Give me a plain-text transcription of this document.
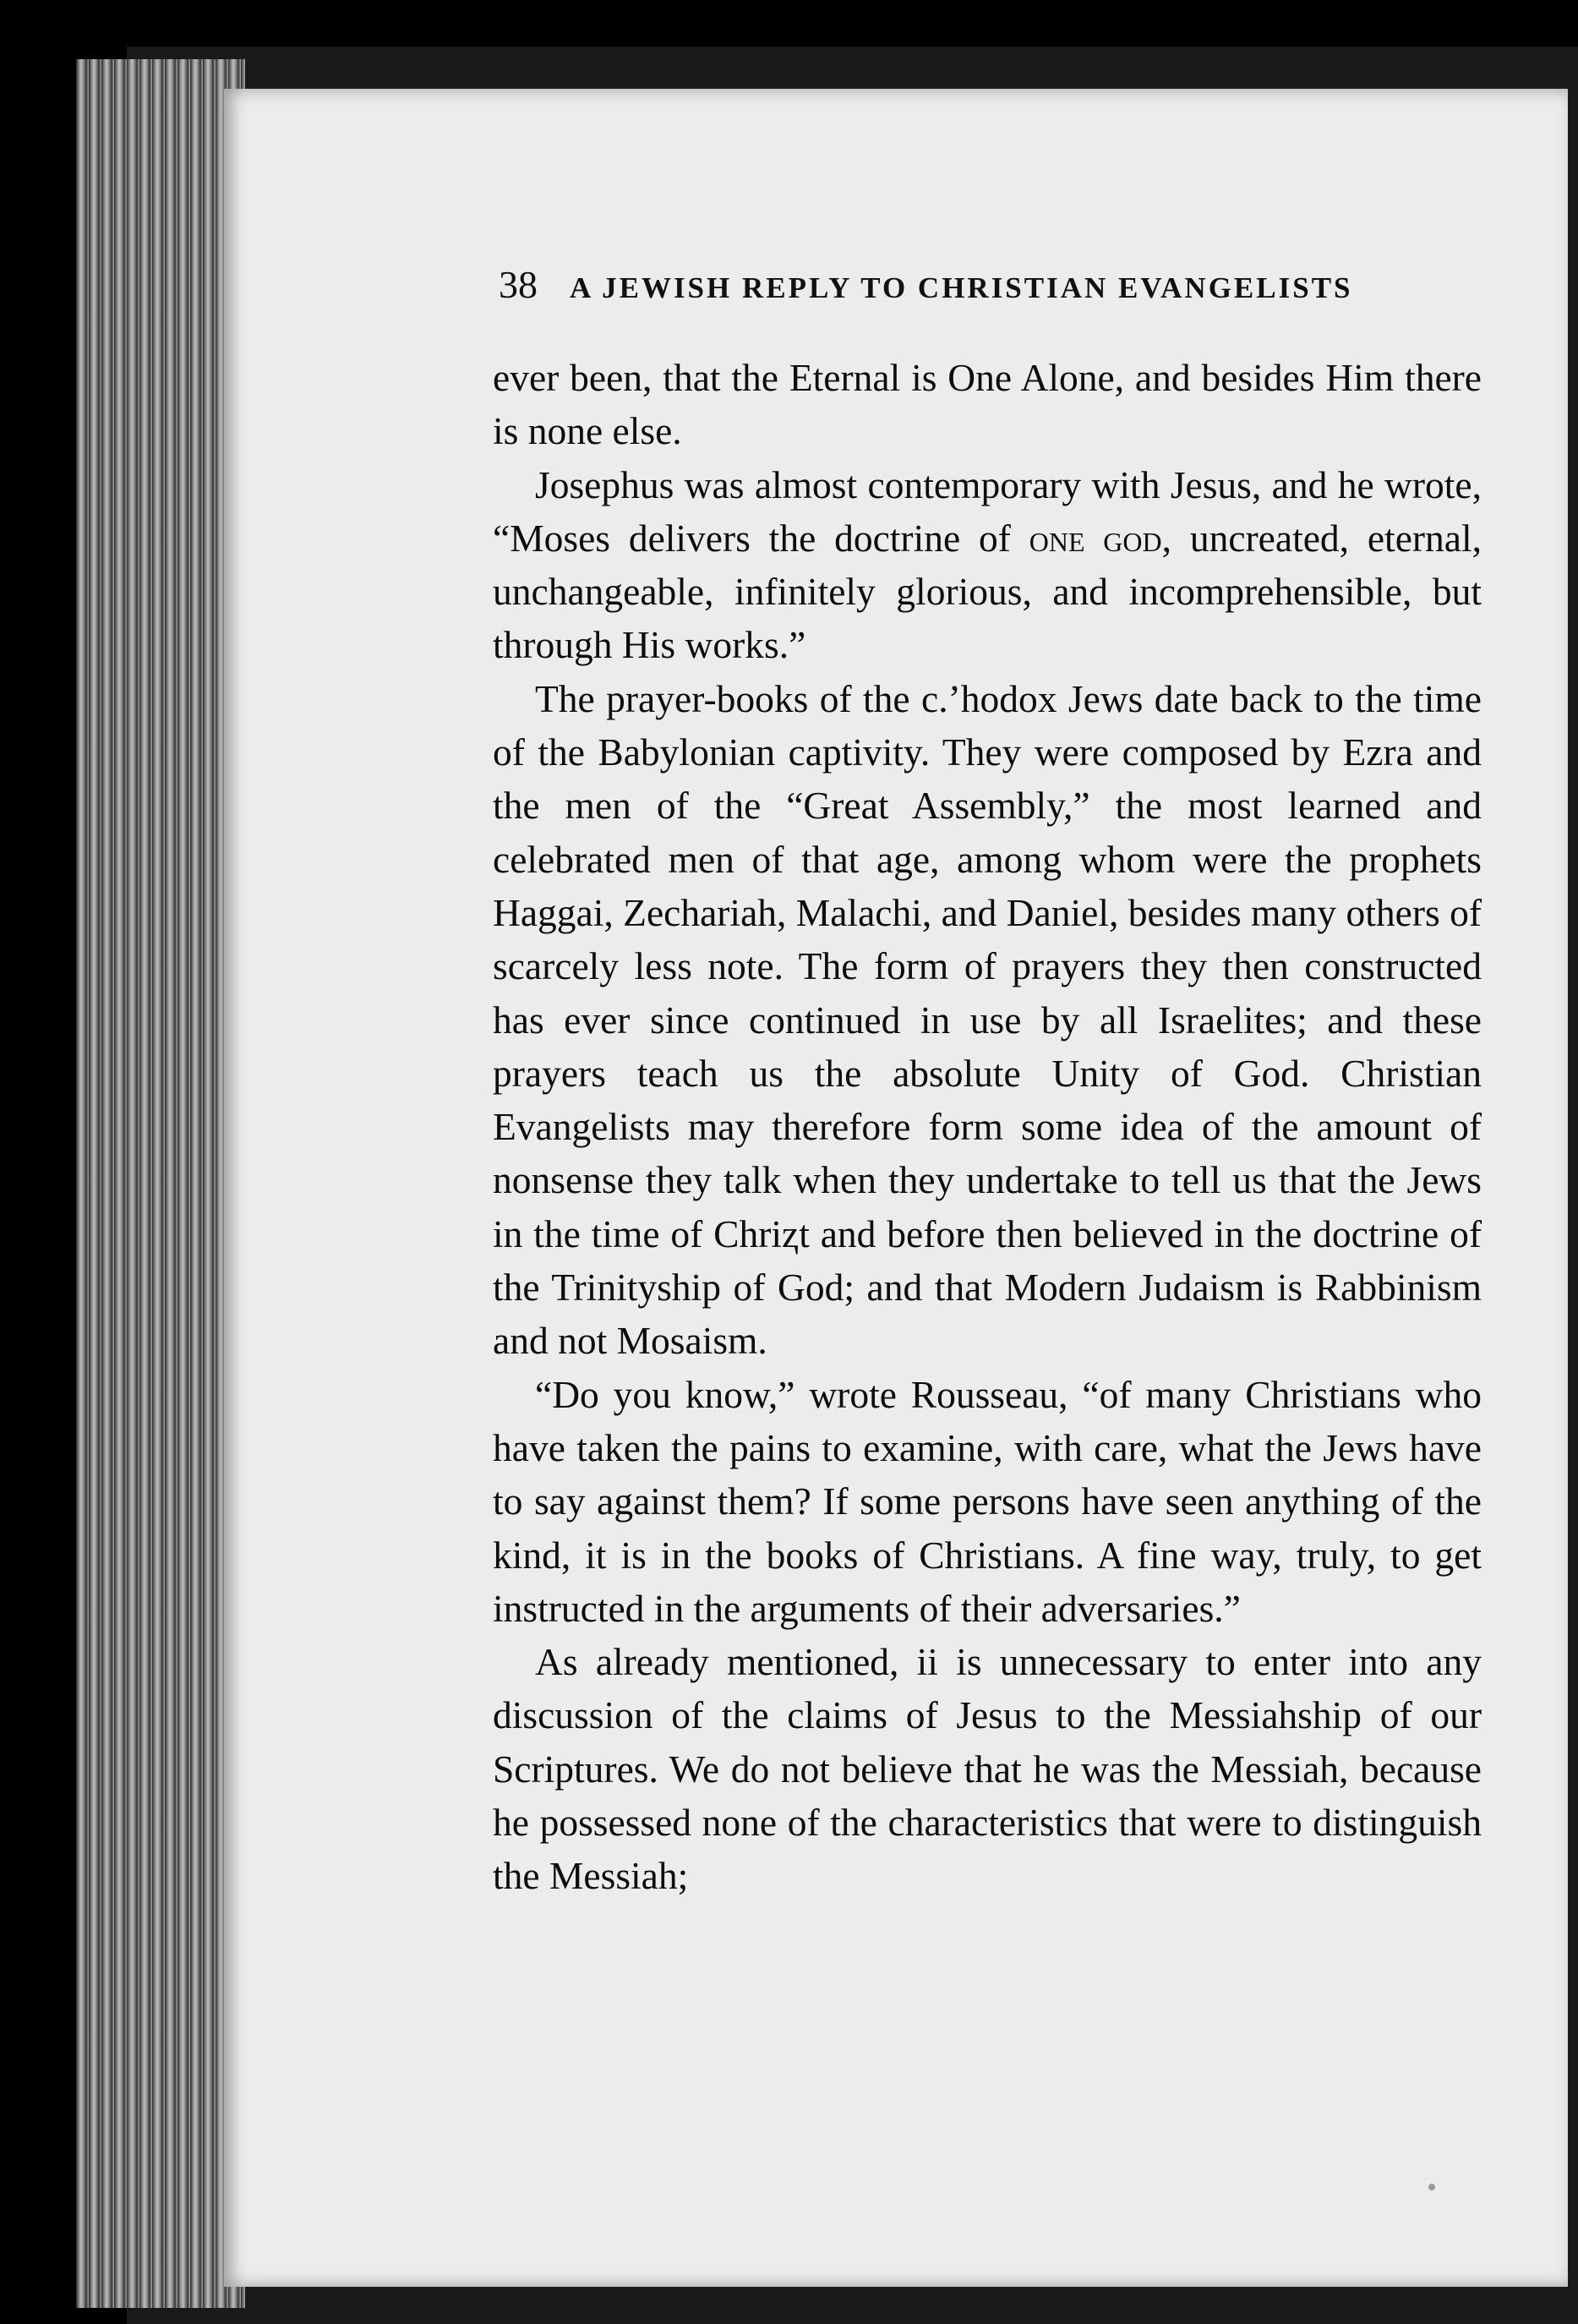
38 A JEWISH REPLY TO CHRISTIAN EVANGELISTS

ever been, that the Eternal is One Alone, and besides Him there is none else.

Josephus was almost contemporary with Jesus, and he wrote, “Moses delivers the doctrine of one god, uncreated, eternal, unchangeable, infinitely glorious, and incomprehensible, but through His works.”

The prayer-books of the c.ʼhodox Jews date back to the time of the Babylonian captivity. They were composed by Ezra and the men of the “Great Assembly,” the most learned and celebrated men of that age, among whom were the prophets Haggai, Zechariah, Malachi, and Daniel, besides many others of scarcely less note. The form of prayers they then constructed has ever since continued in use by all Israelites; and these prayers teach us the absolute Unity of God. Christian Evangelists may therefore form some idea of the amount of nonsense they talk when they undertake to tell us that the Jews in the time of Chriⱬt and before then believed in the doctrine of the Trinityship of God; and that Modern Judaism is Rabbinism and not Mosaism.

“Do you know,” wrote Rousseau, “of many Christians who have taken the pains to examine, with care, what the Jews have to say against them? If some persons have seen anything of the kind, it is in the books of Christians. A fine way, truly, to get instructed in the arguments of their adversaries.”

As already mentioned, ii is unnecessary to enter into any discussion of the claims of Jesus to the Messiahship of our Scriptures. We do not believe that he was the Messiah, because he possessed none of the characteristics that were to distinguish the Messiah;
